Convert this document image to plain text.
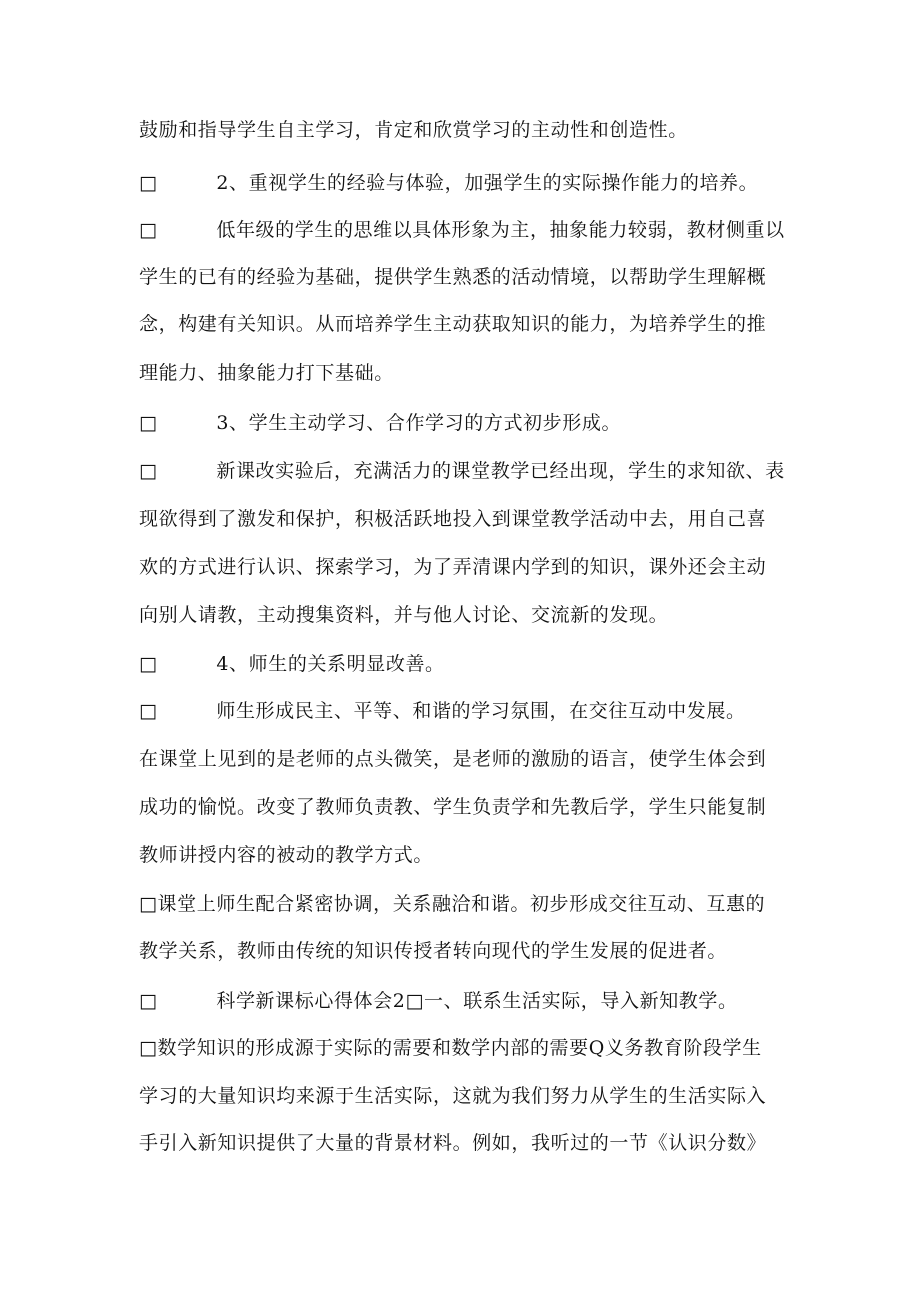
鼓励和指导学生自主学习，肯定和欣赏学习的主动性和创造性。
□　　　2、重视学生的经验与体验，加强学生的实际操作能力的培养。
□　　　低年级的学生的思维以具体形象为主，抽象能力较弱，教材侧重以
学生的已有的经验为基础，提供学生熟悉的活动情境，以帮助学生理解概
念，构建有关知识。从而培养学生主动获取知识的能力，为培养学生的推
理能力、抽象能力打下基础。
□　　　3、学生主动学习、合作学习的方式初步形成。
□　　　新课改实验后，充满活力的课堂教学已经出现，学生的求知欲、表
现欲得到了激发和保护，积极活跃地投入到课堂教学活动中去，用自己喜
欢的方式进行认识、探索学习，为了弄清课内学到的知识，课外还会主动
向别人请教，主动搜集资料，并与他人讨论、交流新的发现。
□　　　4、师生的关系明显改善。
□　　　师生形成民主、平等、和谐的学习氛围，在交往互动中发展。
在课堂上见到的是老师的点头微笑，是老师的激励的语言，使学生体会到
成功的愉悦。改变了教师负责教、学生负责学和先教后学，学生只能复制
教师讲授内容的被动的教学方式。
□课堂上师生配合紧密协调，关系融洽和谐。初步形成交往互动、互惠的
教学关系，教师由传统的知识传授者转向现代的学生发展的促进者。
□　　　科学新课标心得体会2□一、联系生活实际，导入新知教学。
□数学知识的形成源于实际的需要和数学内部的需要Q义务教育阶段学生
学习的大量知识均来源于生活实际，这就为我们努力从学生的生活实际入
手引入新知识提供了大量的背景材料。例如，我听过的一节《认识分数》
